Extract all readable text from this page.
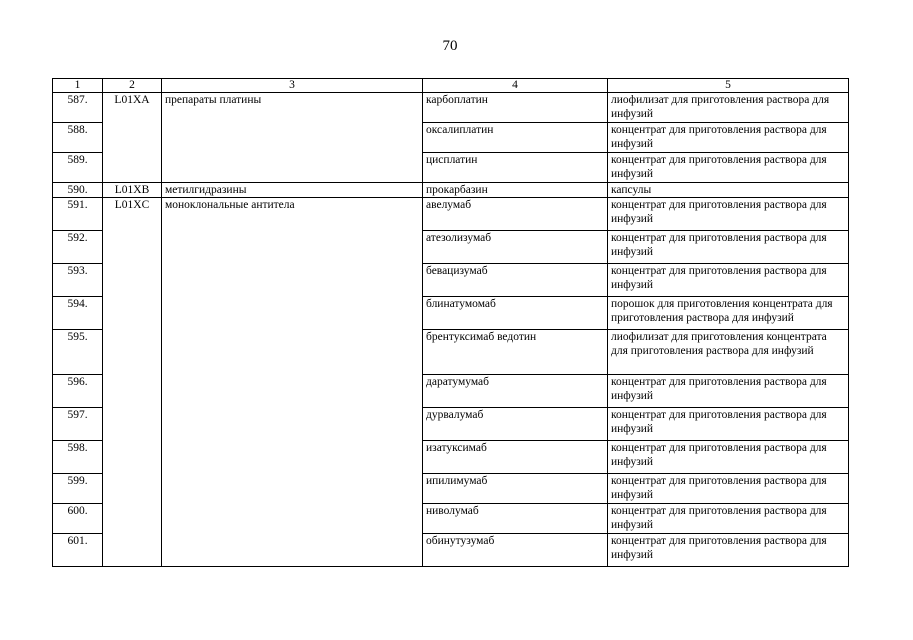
70
1	2	3	4	5
587.	L01XA	препараты платины	карбоплатин	лиофилизат для приготовления раствора для инфузий
588.			оксалиплатин	концентрат для приготовления раствора для инфузий
589.			цисплатин	концентрат для приготовления раствора для инфузий
590.	L01XB	метилгидразины	прокарбазин	капсулы
591.	L01XC	моноклональные антитела	авелумаб	концентрат для приготовления раствора для инфузий
592.			атезолизумаб	концентрат для приготовления раствора для инфузий
593.			бевацизумаб	концентрат для приготовления раствора для инфузий
594.			блинатумомаб	порошок для приготовления концентрата для приготовления раствора для инфузий
595.			брентуксимаб ведотин	лиофилизат для приготовления концентрата для приготовления раствора для инфузий
596.			даратумумаб	концентрат для приготовления раствора для инфузий
597.			дурвалумаб	концентрат для приготовления раствора для инфузий
598.			изатуксимаб	концентрат для приготовления раствора для инфузий
599.			ипилимумаб	концентрат для приготовления раствора для инфузий
600.			ниволумаб	концентрат для приготовления раствора для инфузий
601.			обинутузумаб	концентрат для приготовления раствора для инфузий
